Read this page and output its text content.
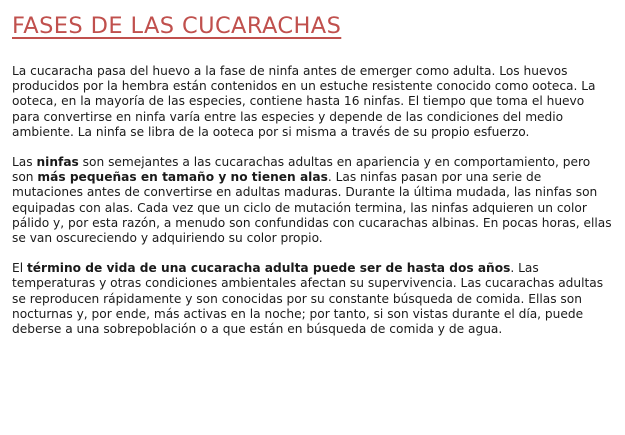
FASES DE LAS CUCARACHAS

La cucaracha pasa del huevo a la fase de ninfa antes de emerger como adulta. Los huevos producidos por la hembra están contenidos en un estuche resistente conocido como ooteca. La ooteca, en la mayoría de las especies, contiene hasta 16 ninfas. El tiempo que toma el huevo para convertirse en ninfa varía entre las especies y depende de las condiciones del medio ambiente. La ninfa se libra de la ooteca por si misma a través de su propio esfuerzo.

Las ninfas son semejantes a las cucarachas adultas en apariencia y en comportamiento, pero son más pequeñas en tamaño y no tienen alas. Las ninfas pasan por una serie de mutaciones antes de convertirse en adultas maduras. Durante la última mudada, las ninfas son equipadas con alas. Cada vez que un ciclo de mutación termina, las ninfas adquieren un color pálido y, por esta razón, a menudo son confundidas con cucarachas albinas. En pocas horas, ellas se van oscureciendo y adquiriendo su color propio.

El término de vida de una cucaracha adulta puede ser de hasta dos años. Las temperaturas y otras condiciones ambientales afectan su supervivencia. Las cucarachas adultas se reproducen rápidamente y son conocidas por su constante búsqueda de comida. Ellas son nocturnas y, por ende, más activas en la noche; por tanto, si son vistas durante el día, puede deberse a una sobrepoblación o a que están en búsqueda de comida y de agua.
